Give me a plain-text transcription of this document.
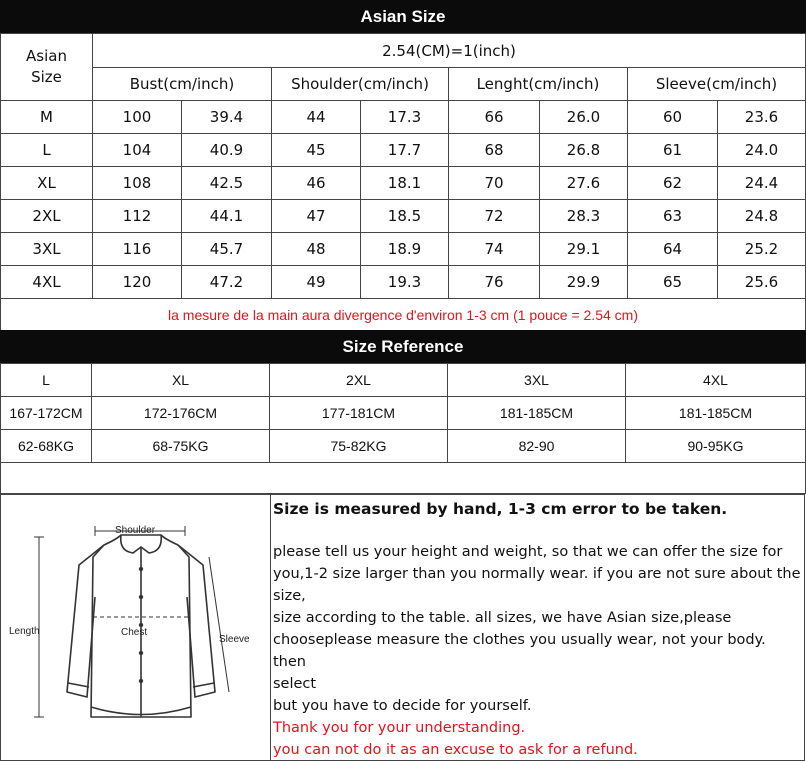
Asian Size
Asian
Size	2.54(CM)=1(inch)							
	Bust(cm/inch)		Shoulder(cm/inch)		Lenght(cm/inch)		Sleeve(cm/inch)	
M	100	39.4	44	17.3	66	26.0	60	23.6
L	104	40.9	45	17.7	68	26.8	61	24.0
XL	108	42.5	46	18.1	70	27.6	62	24.4
2XL	112	44.1	47	18.5	72	28.3	63	24.8
3XL	116	45.7	48	18.9	74	29.1	64	25.2
4XL	120	47.2	49	19.3	76	29.9	65	25.6
la mesure de la main aura divergence d'environ 1-3 cm (1 pouce = 2.54 cm)								
Size Reference
L	XL	2XL	3XL	4XL
167-172CM	172-176CM	177-181CM	181-185CM	181-185CM
62-68KG	68-75KG	75-82KG	82-90	90-95KG

Shoulder
Chest
Length
Sleeve
Size is measured by hand, 1-3 cm error to be taken.
please tell us your height and weight, so that we can offer the size for
you,1-2 size larger than you normally wear. if you are not sure about the
size,
size according to the table. all sizes, we have Asian size,please
chooseplease measure the clothes you usually wear, not your body. then
select
but you have to decide for yourself.
Thank you for your understanding.
you can not do it as an excuse to ask for a refund.
